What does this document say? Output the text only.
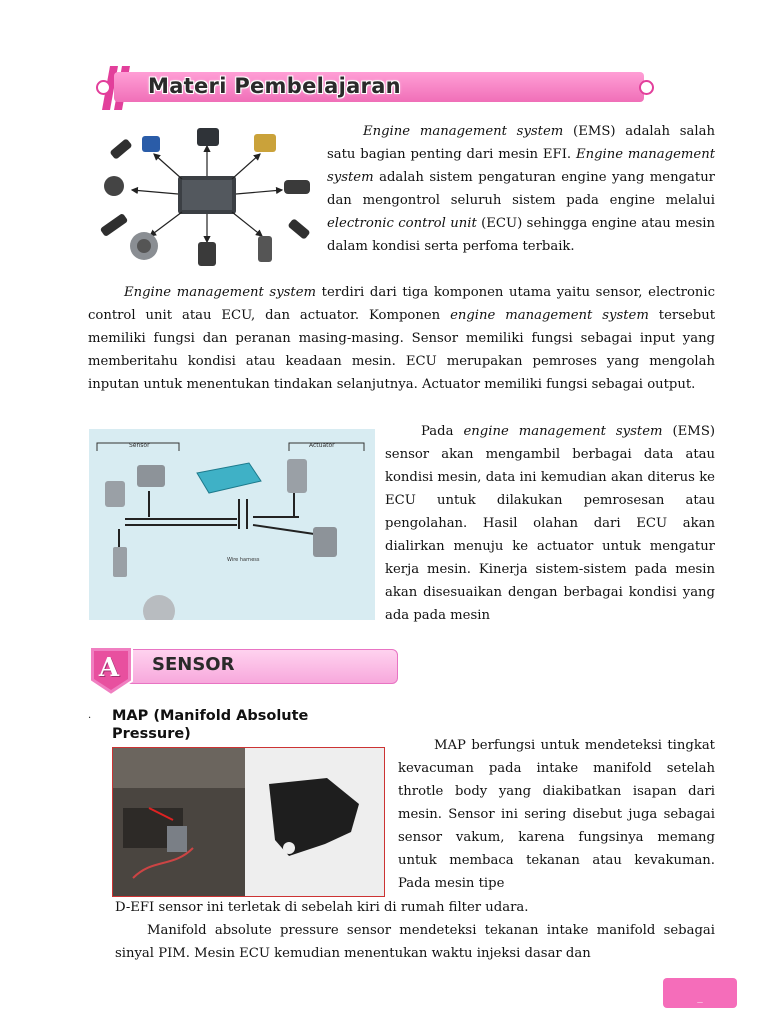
Materi Pembelajaran
Engine management system (EMS) adalah salah satu bagian penting dari mesin EFI. Engine management system adalah sistem pengaturan engine yang mengatur dan mengontrol seluruh sistem pada engine melalui electronic control unit (ECU) sehingga engine atau mesin dalam kondisi serta perfoma terbaik.
Engine management system terdiri dari tiga komponen utama yaitu sensor, electronic control unit atau ECU, dan actuator. Komponen engine management system tersebut memiliki fungsi dan peranan masing-masing. Sensor memiliki fungsi sebagai input yang memberitahu kondisi atau keadaan mesin. ECU merupakan pemroses yang mengolah inputan untuk menentukan tindakan selanjutnya. Actuator memiliki fungsi sebagai output.
Sensor	Actuator
Wire harness
Pada engine management system (EMS) sensor akan mengambil berbagai data atau kondisi mesin, data ini kemudian akan diterus ke ECU untuk dilakukan pemrosesan atau pengolahan. Hasil olahan dari ECU akan dialirkan menuju ke actuator untuk mengatur kerja mesin. Kinerja sistem-sistem pada mesin akan disesuaikan dengan berbagai kondisi yang ada pada mesin
A	SENSOR
. MAP (Manifold Absolute Pressure)
MAP berfungsi untuk mendeteksi tingkat kevacuman pada intake manifold setelah throtle body yang diakibatkan isapan dari mesin. Sensor ini sering disebut juga sebagai sensor vakum, karena fungsinya memang untuk membaca tekanan atau kevakuman. Pada mesin tipe
D-EFI sensor ini terletak di sebelah kiri di rumah filter udara.
Manifold absolute pressure sensor mendeteksi tekanan intake manifold sebagai sinyal PIM. Mesin ECU kemudian menentukan waktu injeksi dasar dan
_
